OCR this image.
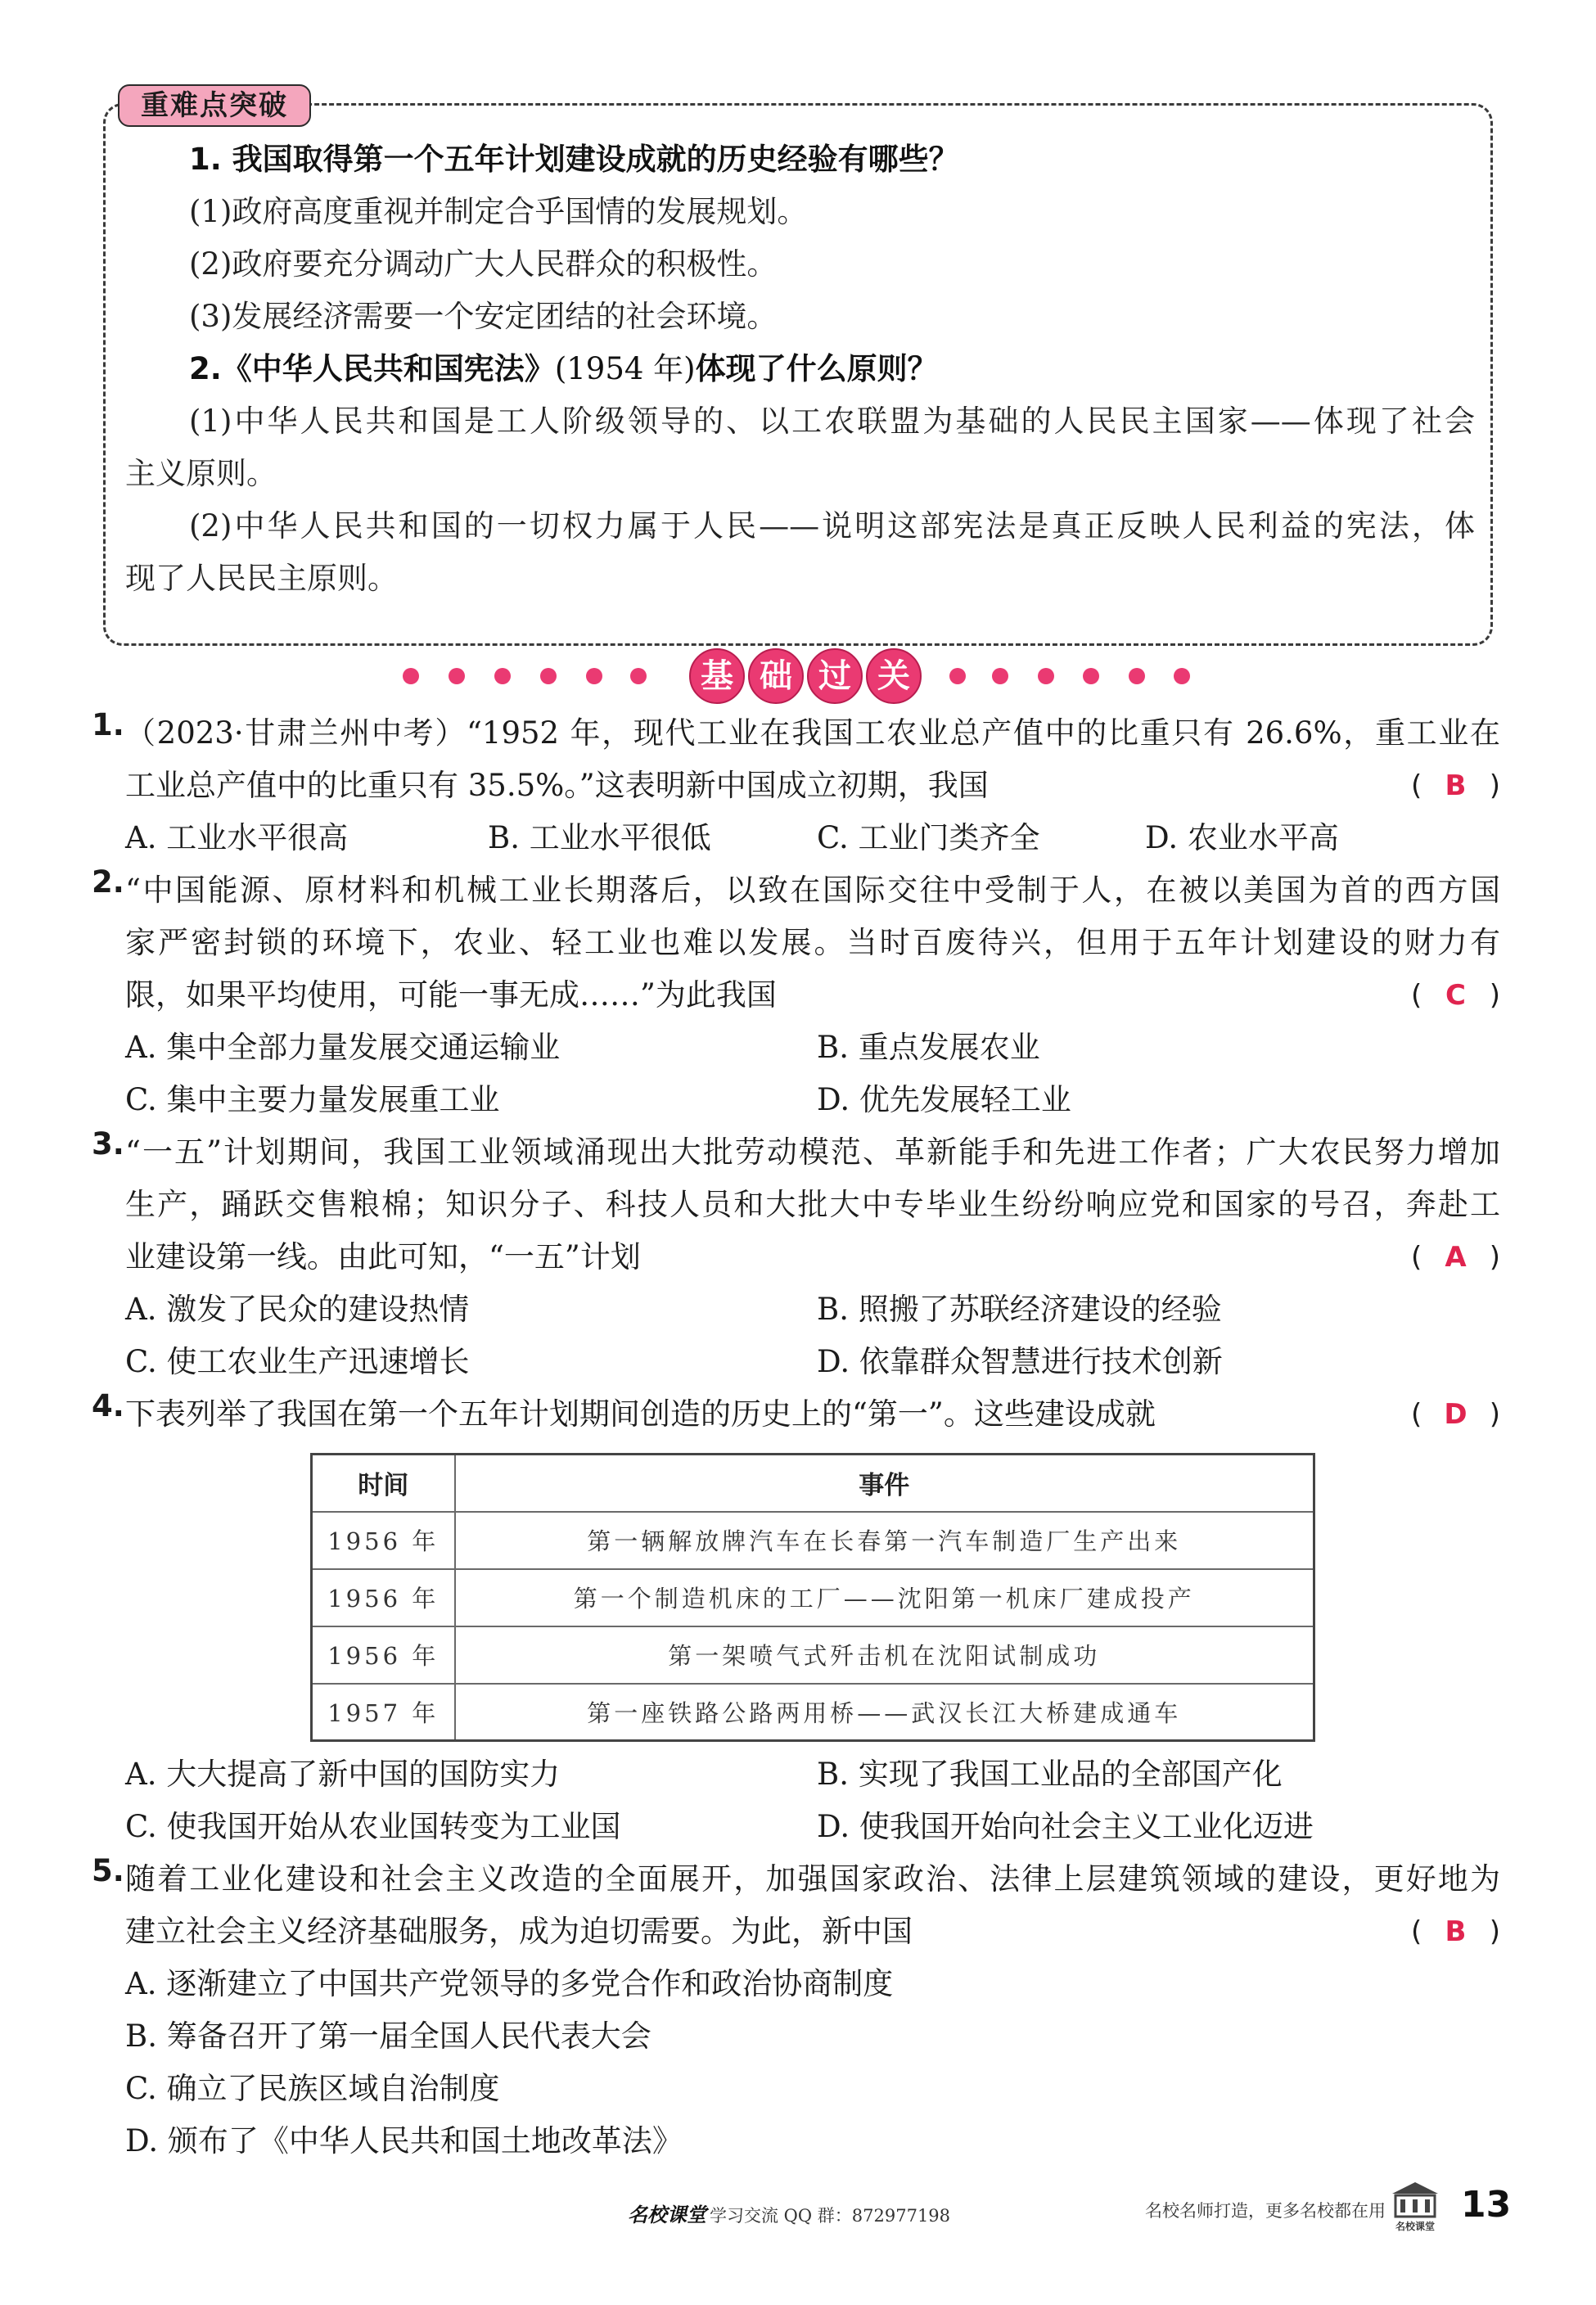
重难点突破
1. 我国取得第一个五年计划建设成就的历史经验有哪些？
(1)政府高度重视并制定合乎国情的发展规划。
(2)政府要充分调动广大人民群众的积极性。
(3)发展经济需要一个安定团结的社会环境。
2.《中华人民共和国宪法》(1954 年)体现了什么原则？
(1)中华人民共和国是工人阶级领导的、以工农联盟为基础的人民民主国家——体现了社会
主义原则。
(2)中华人民共和国的一切权力属于人民——说明这部宪法是真正反映人民利益的宪法，体
现了人民民主原则。
基 础 过 关
1. （2023·甘肃兰州中考）“1952 年，现代工业在我国工农业总产值中的比重只有 26.6%，重工业在
工业总产值中的比重只有 35.5%。”这表明新中国成立初期，我国	( B )
A. 工业水平很高	B. 工业水平很低	C. 工业门类齐全	D. 农业水平高
2. “中国能源、原材料和机械工业长期落后，以致在国际交往中受制于人，在被以美国为首的西方国
家严密封锁的环境下，农业、轻工业也难以发展。当时百废待兴，但用于五年计划建设的财力有
限，如果平均使用，可能一事无成……”为此我国	( C )
A. 集中全部力量发展交通运输业	B. 重点发展农业
C. 集中主要力量发展重工业	D. 优先发展轻工业
3. “一五”计划期间，我国工业领域涌现出大批劳动模范、革新能手和先进工作者；广大农民努力增加
生产，踊跃交售粮棉；知识分子、科技人员和大批大中专毕业生纷纷响应党和国家的号召，奔赴工
业建设第一线。由此可知，“一五”计划	( A )
A. 激发了民众的建设热情	B. 照搬了苏联经济建设的经验
C. 使工农业生产迅速增长	D. 依靠群众智慧进行技术创新
4. 下表列举了我国在第一个五年计划期间创造的历史上的“第一”。这些建设成就	( D )
时间	事件
1956 年	第一辆解放牌汽车在长春第一汽车制造厂生产出来
1956 年	第一个制造机床的工厂——沈阳第一机床厂建成投产
1956 年	第一架喷气式歼击机在沈阳试制成功
1957 年	第一座铁路公路两用桥——武汉长江大桥建成通车
A. 大大提高了新中国的国防实力	B. 实现了我国工业品的全部国产化
C. 使我国开始从农业国转变为工业国	D. 使我国开始向社会主义工业化迈进
5. 随着工业化建设和社会主义改造的全面展开，加强国家政治、法律上层建筑领域的建设，更好地为
建立社会主义经济基础服务，成为迫切需要。为此，新中国	( B )
A. 逐渐建立了中国共产党领导的多党合作和政治协商制度
B. 筹备召开了第一届全国人民代表大会
C. 确立了民族区域自治制度
D. 颁布了《中华人民共和国土地改革法》
名校课堂 学习交流 QQ 群：872977198	名校名师打造，更多名校都在用
名校课堂
13
